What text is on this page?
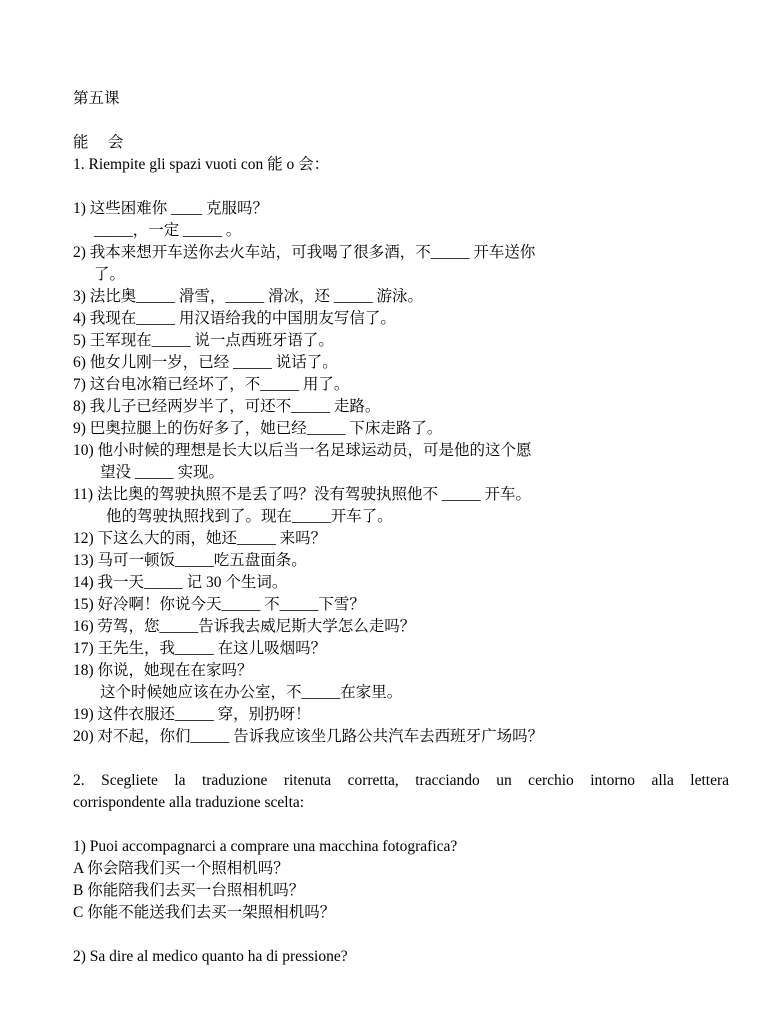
第五课
能     会
1. Riempite gli spazi vuoti con 能 o 会：
1) 这些困难你 ____ 克服吗？
_____，一定 _____ 。
2) 我本来想开车送你去火车站，可我喝了很多酒，不_____ 开车送你
了。
3) 法比奥_____ 滑雪，_____ 滑冰，还 _____ 游泳。
4) 我现在_____ 用汉语给我的中国朋友写信了。
5) 王军现在_____ 说一点西班牙语了。
6) 他女儿刚一岁，已经 _____ 说话了。
7) 这台电冰箱已经坏了，不_____ 用了。
8) 我儿子已经两岁半了，可还不_____ 走路。
9) 巴奥拉腿上的伤好多了，她已经_____ 下床走路了。
10) 他小时候的理想是长大以后当一名足球运动员，可是他的这个愿
望没 _____ 实现。
11) 法比奥的驾驶执照不是丢了吗？没有驾驶执照他不 _____ 开车。
他的驾驶执照找到了。现在_____开车了。
12) 下这么大的雨，她还_____ 来吗？
13) 马可一顿饭_____吃五盘面条。
14) 我一天_____ 记 30 个生词。
15) 好冷啊！你说今天_____ 不_____下雪？
16) 劳驾，您_____告诉我去威尼斯大学怎么走吗？
17) 王先生，我_____ 在这儿吸烟吗？
18) 你说，她现在在家吗？
这个时候她应该在办公室，不_____在家里。
19) 这件衣服还_____ 穿，别扔呀！
20) 对不起，你们_____ 告诉我应该坐几路公共汽车去西班牙广场吗？
2. Scegliete la traduzione ritenuta corretta, tracciando un cerchio intorno alla lettera
corrispondente alla traduzione scelta:
1) Puoi accompagnarci a comprare una macchina fotografica?
A 你会陪我们买一个照相机吗？
B 你能陪我们去买一台照相机吗？
C 你能不能送我们去买一架照相机吗？
2) Sa dire al medico quanto ha di pressione?
